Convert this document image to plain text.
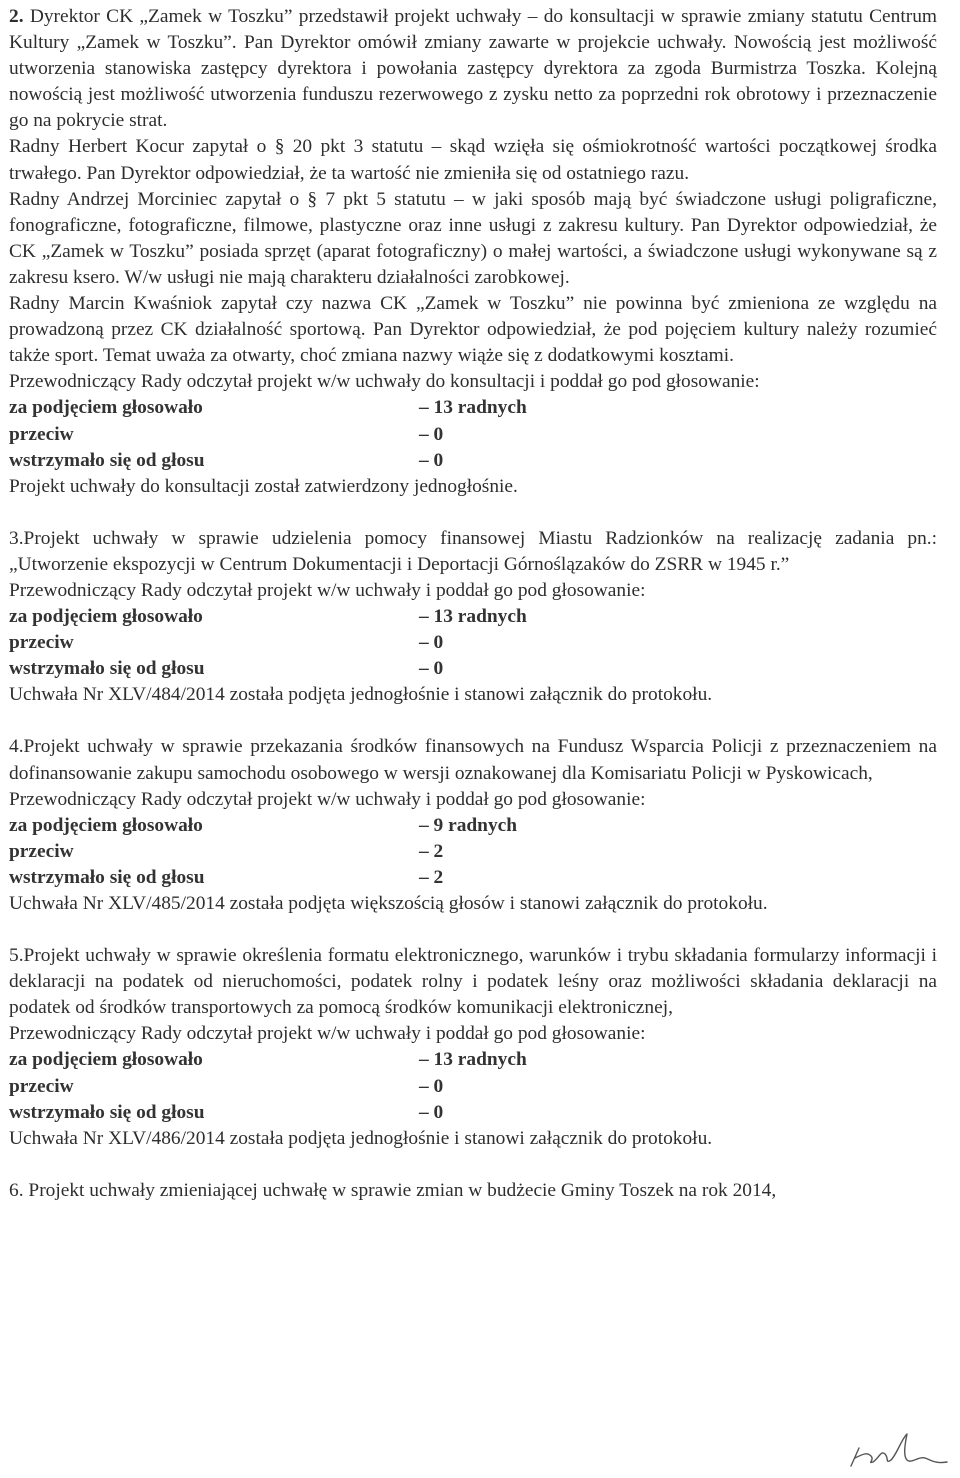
2. Dyrektor CK „Zamek w Toszku” przedstawił projekt uchwały – do konsultacji w sprawie zmiany statutu Centrum Kultury „Zamek w Toszku”. Pan Dyrektor omówił zmiany zawarte w projekcie uchwały. Nowością jest możliwość utworzenia stanowiska zastępcy dyrektora i powołania zastępcy dyrektora za zgoda Burmistrza Toszka. Kolejną nowością jest możliwość utworzenia funduszu rezerwowego z zysku netto za poprzedni rok obrotowy i przeznaczenie go na pokrycie strat.

Radny Herbert Kocur zapytał o § 20 pkt 3 statutu – skąd wzięła się ośmiokrotność wartości początkowej środka trwałego. Pan Dyrektor odpowiedział, że ta wartość nie zmieniła się od ostatniego razu.

Radny Andrzej Morciniec zapytał o § 7 pkt 5 statutu – w jaki sposób mają być świadczone usługi poligraficzne, fonograficzne, fotograficzne, filmowe, plastyczne oraz inne usługi z zakresu kultury. Pan Dyrektor odpowiedział, że CK „Zamek w Toszku” posiada sprzęt (aparat fotograficzny) o małej wartości, a świadczone usługi wykonywane są z zakresu ksero. W/w usługi nie mają charakteru działalności zarobkowej.

Radny Marcin Kwaśniok zapytał czy nazwa CK „Zamek w Toszku” nie powinna być zmieniona ze względu na prowadzoną przez CK działalność sportową. Pan Dyrektor odpowiedział, że pod pojęciem kultury należy rozumieć także sport. Temat uważa za otwarty, choć zmiana nazwy wiąże się z dodatkowymi kosztami.

Przewodniczący Rady odczytał projekt w/w uchwały do konsultacji i poddał go pod głosowanie:

za podjęciem głosowało	– 13 radnych
przeciw	– 0
wstrzymało się od głosu	– 0

Projekt uchwały do konsultacji został zatwierdzony jednogłośnie.

3.Projekt uchwały w sprawie udzielenia pomocy finansowej Miastu Radzionków na realizację zadania pn.: „Utworzenie ekspozycji w Centrum Dokumentacji i Deportacji Górnoślązaków do ZSRR w 1945 r.”

Przewodniczący Rady odczytał projekt w/w uchwały i poddał go pod głosowanie:

za podjęciem głosowało	– 13 radnych
przeciw	– 0
wstrzymało się od głosu	– 0

Uchwała Nr XLV/484/2014 została podjęta jednogłośnie i stanowi załącznik do protokołu.

4.Projekt uchwały w sprawie przekazania środków finansowych na Fundusz Wsparcia Policji z przeznaczeniem na dofinansowanie zakupu samochodu osobowego w wersji oznakowanej dla Komisariatu Policji w Pyskowicach,

Przewodniczący Rady odczytał projekt w/w uchwały i poddał go pod głosowanie:

za podjęciem głosowało	– 9 radnych
przeciw	– 2
wstrzymało się od głosu	– 2

Uchwała Nr XLV/485/2014 została podjęta większością głosów i stanowi załącznik do protokołu.

5.Projekt uchwały w sprawie określenia formatu elektronicznego, warunków i trybu składania formularzy informacji i deklaracji na podatek od nieruchomości, podatek rolny i podatek leśny oraz możliwości składania deklaracji na podatek od środków transportowych za pomocą środków komunikacji elektronicznej,

Przewodniczący Rady odczytał projekt w/w uchwały i poddał go pod głosowanie:

za podjęciem głosowało	– 13 radnych
przeciw	– 0
wstrzymało się od głosu	– 0

Uchwała Nr XLV/486/2014 została podjęta jednogłośnie i stanowi załącznik do protokołu.

6. Projekt uchwały zmieniającej uchwałę w sprawie zmian w budżecie Gminy Toszek na rok 2014,
